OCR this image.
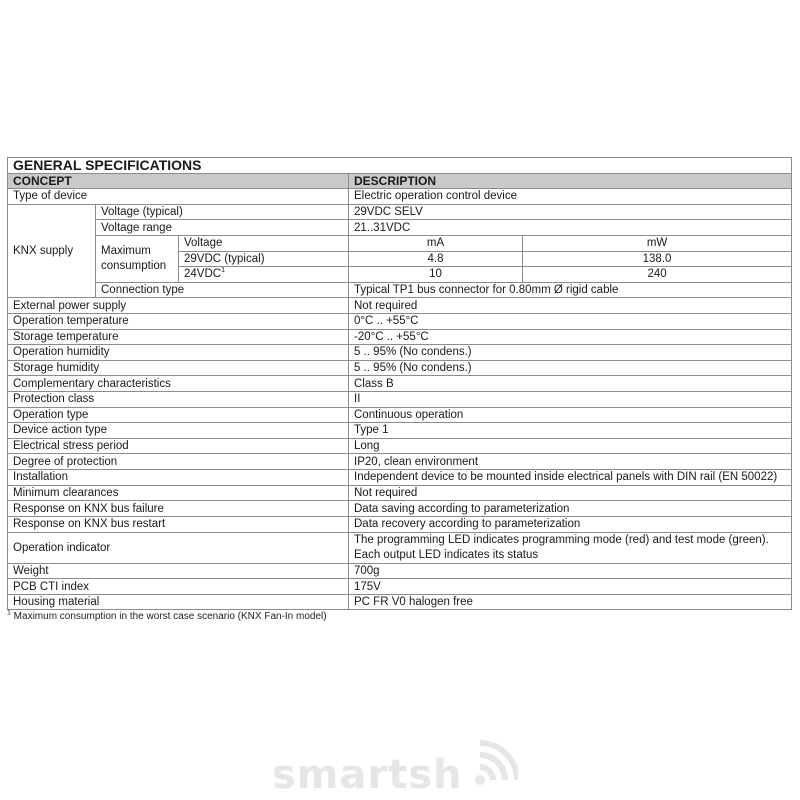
GENERAL SPECIFICATIONS				
CONCEPT			DESCRIPTION	
Type of device			Electric operation control device	
KNX supply	Voltage (typical)		29VDC SELV	
	Voltage range		21..31VDC	
	Maximum consumption	Voltage	mA	mW
		29VDC (typical)	4.8	138.0
		24VDC$^1$	10	240
	Connection type		Typical TP1 bus connector for 0.80mm Ø rigid cable	
External power supply	Not required
Operation temperature	0°C .. +55°C
Storage temperature	-20°C .. +55°C
Operation humidity	5 .. 95% (No condens.)
Storage humidity	5 .. 95% (No condens.)
Complementary characteristics	Class B
Protection class	II
Operation type	Continuous operation
Device action type	Type 1
Electrical stress period	Long
Degree of protection	IP20, clean environment
Installation	Independent device to be mounted inside electrical panels with DIN rail (EN 50022)
Minimum clearances	Not required
Response on KNX bus failure	Data saving according to parameterization
Response on KNX bus restart	Data recovery according to parameterization
Operation indicator	The programming LED indicates programming mode (red) and test mode (green). Each output LED indicates its status
Weight	700g
PCB CTI index	175V
Housing material	PC FR V0 halogen free
$^1$ Maximum consumption in the worst case scenario (KNX Fan-In model)
smartsh
